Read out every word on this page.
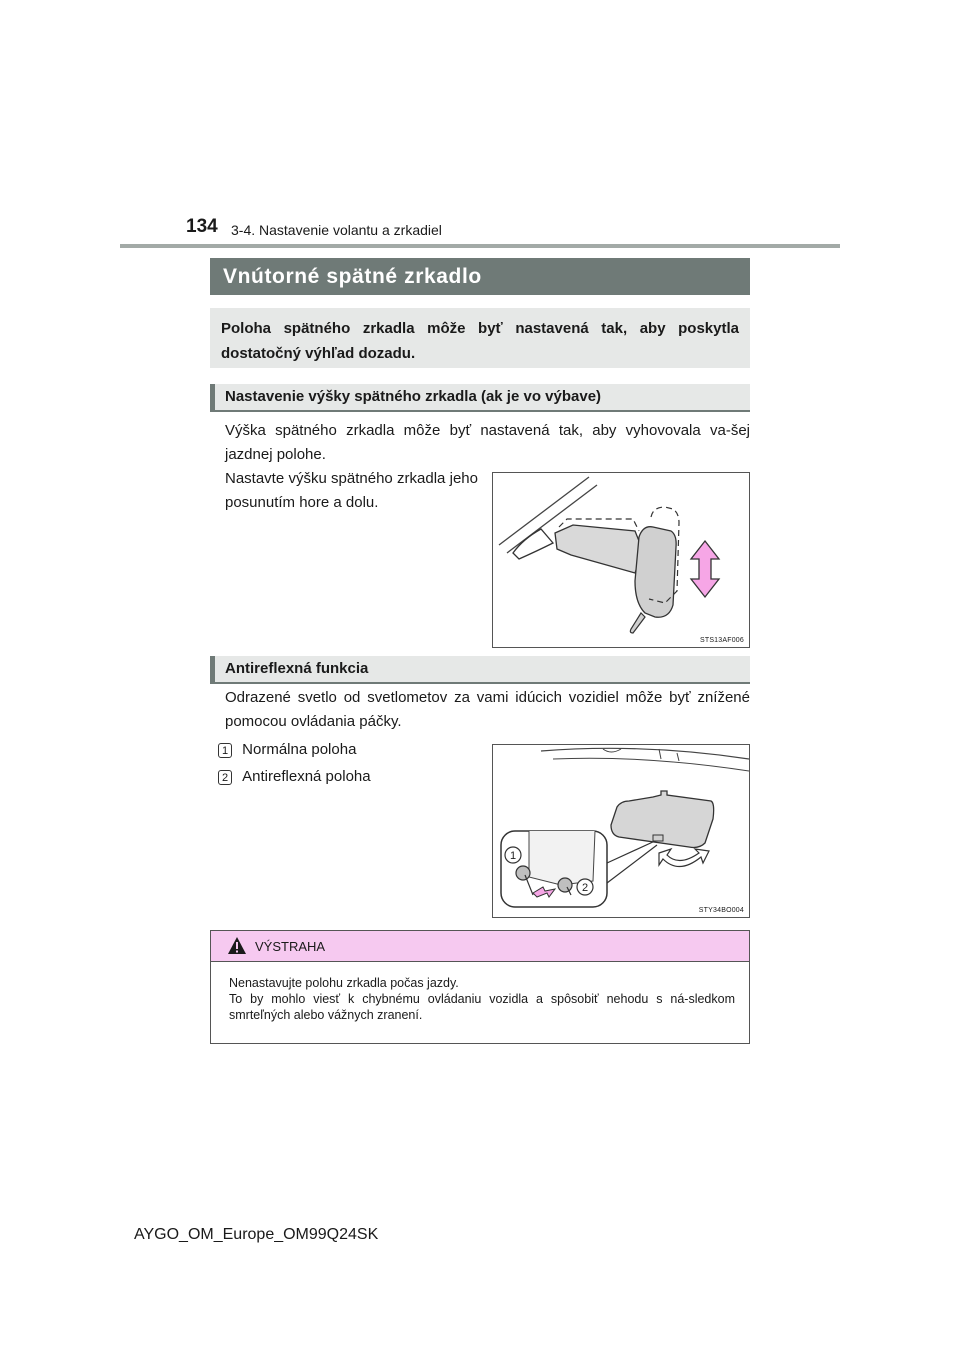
134 3-4. Nastavenie volantu a zrkadiel
Vnútorné spätné zrkadlo
Poloha spätného zrkadla môže byť nastavená tak, aby poskytla dostatočný výhľad dozadu.
Nastavenie výšky spätného zrkadla (ak je vo výbave)
Výška spätného zrkadla môže byť nastavená tak, aby vyhovovala va-šej jazdnej polohe.
Nastavte výšku spätného zrkadla jeho posunutím hore a dolu.
STS13AF006
Antireflexná funkcia
Odrazené svetlo od svetlometov za vami idúcich vozidiel môže byť znížené pomocou ovládania páčky.
1 Normálna poloha
2 Antireflexná poloha
1
2
STY34BO004
VÝSTRAHA
Nenastavujte polohu zrkadla počas jazdy.
To by mohlo viesť k chybnému ovládaniu vozidla a spôsobiť nehodu s ná-sledkom smrteľných alebo vážnych zranení.
AYGO_OM_Europe_OM99Q24SK
